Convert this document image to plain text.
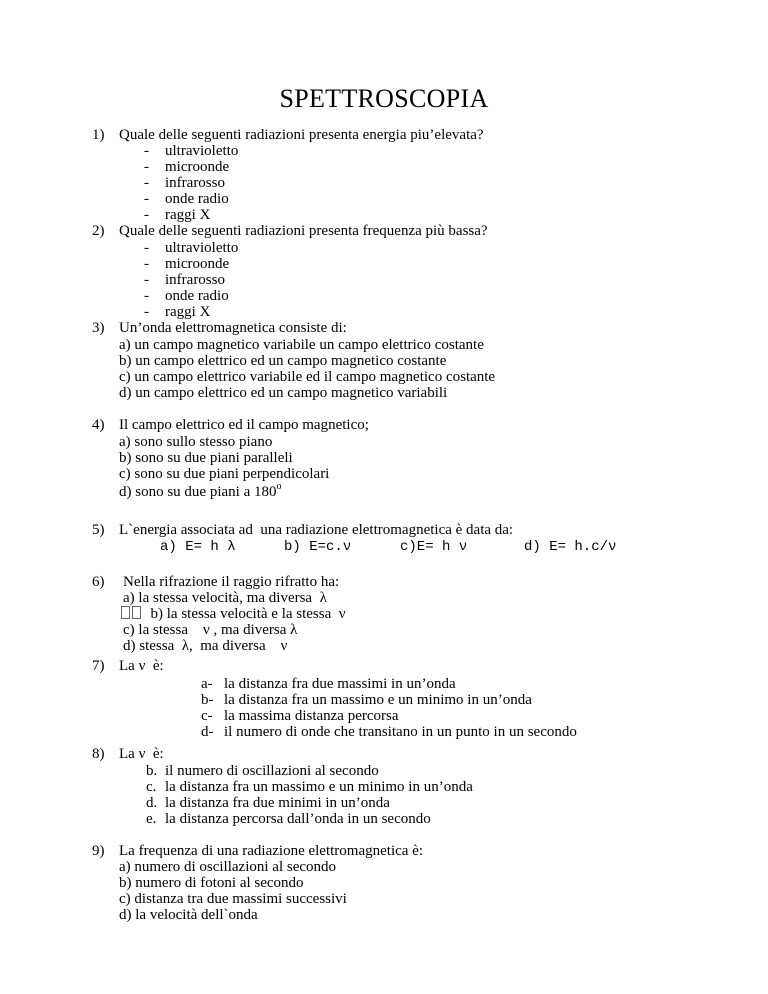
SPETTROSCOPIA
1) Quale delle seguenti radiazioni presenta energia piu’elevata?
- ultravioletto
- microonde
- infrarosso
- onde radio
- raggi X
2) Quale delle seguenti radiazioni presenta frequenza più bassa?
- ultravioletto
- microonde
- infrarosso
- onde radio
- raggi X
3) Un’onda elettromagnetica consiste di:
a) un campo magnetico variabile un campo elettrico costante
b) un campo elettrico ed un campo magnetico costante
c) un campo elettrico variabile ed il campo magnetico costante
d) un campo elettrico ed un campo magnetico variabili
4) Il campo elettrico ed il campo magnetico;
a) sono sullo stesso piano
b) sono su due piani paralleli
c) sono su due piani perpendicolari
d) sono su due piani a 180$^o$
5) L`energia associata ad  una radiazione elettromagnetica è data da:
a) E= h λ	b) E=c.ν	c)E= h ν	d) E= h.c/ν
6) Nella rifrazione il raggio rifratto ha:
a) la stessa velocità, ma diversa  λ
b) la stessa velocità e la stessa  ν
c) la stessa    ν , ma diversa λ
d) stessa  λ,  ma diversa    ν
7) La ν  è:
a- la distanza fra due massimi in un’onda
b- la distanza fra un massimo e un minimo in un’onda
c- la massima distanza percorsa
d- il numero di onde che transitano in un punto in un secondo
8) La ν  è:
b. il numero di oscillazioni al secondo
c. la distanza fra un massimo e un minimo in un’onda
d. la distanza fra due minimi in un’onda
e. la distanza percorsa dall’onda in un secondo
9) La frequenza di una radiazione elettromagnetica è:
a) numero di oscillazioni al secondo
b) numero di fotoni al secondo
c) distanza tra due massimi successivi
d) la velocità dell`onda
